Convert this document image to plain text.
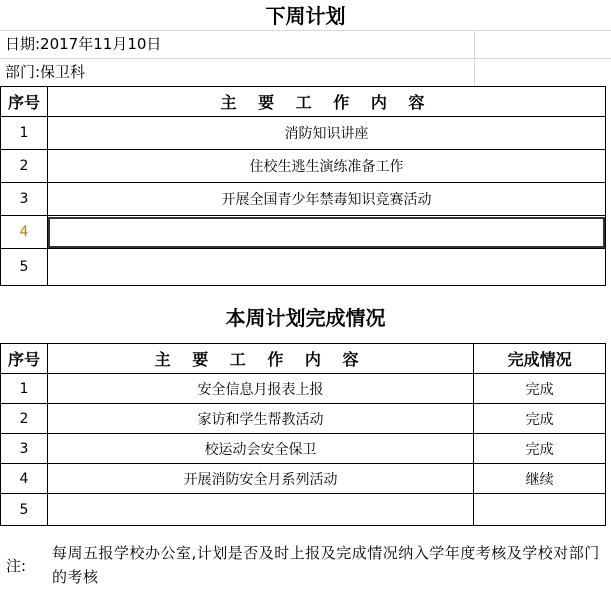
下周计划
日期:2017年11月10日
部门:保卫科
序号	主 要 工 作 内 容
1	消防知识讲座
2	住校生逃生演练准备工作
3	开展全国青少年禁毒知识竞赛活动
4	
5	
本周计划完成情况
序号	主 要 工 作 内 容	完成情况
1	安全信息月报表上报	完成
2	家访和学生帮教活动	完成
3	校运动会安全保卫	完成
4	开展消防安全月系列活动	继续
5		
注:
每周五报学校办公室,计划是否及时上报及完成情况纳入学年度考核及学校对部门的考核
